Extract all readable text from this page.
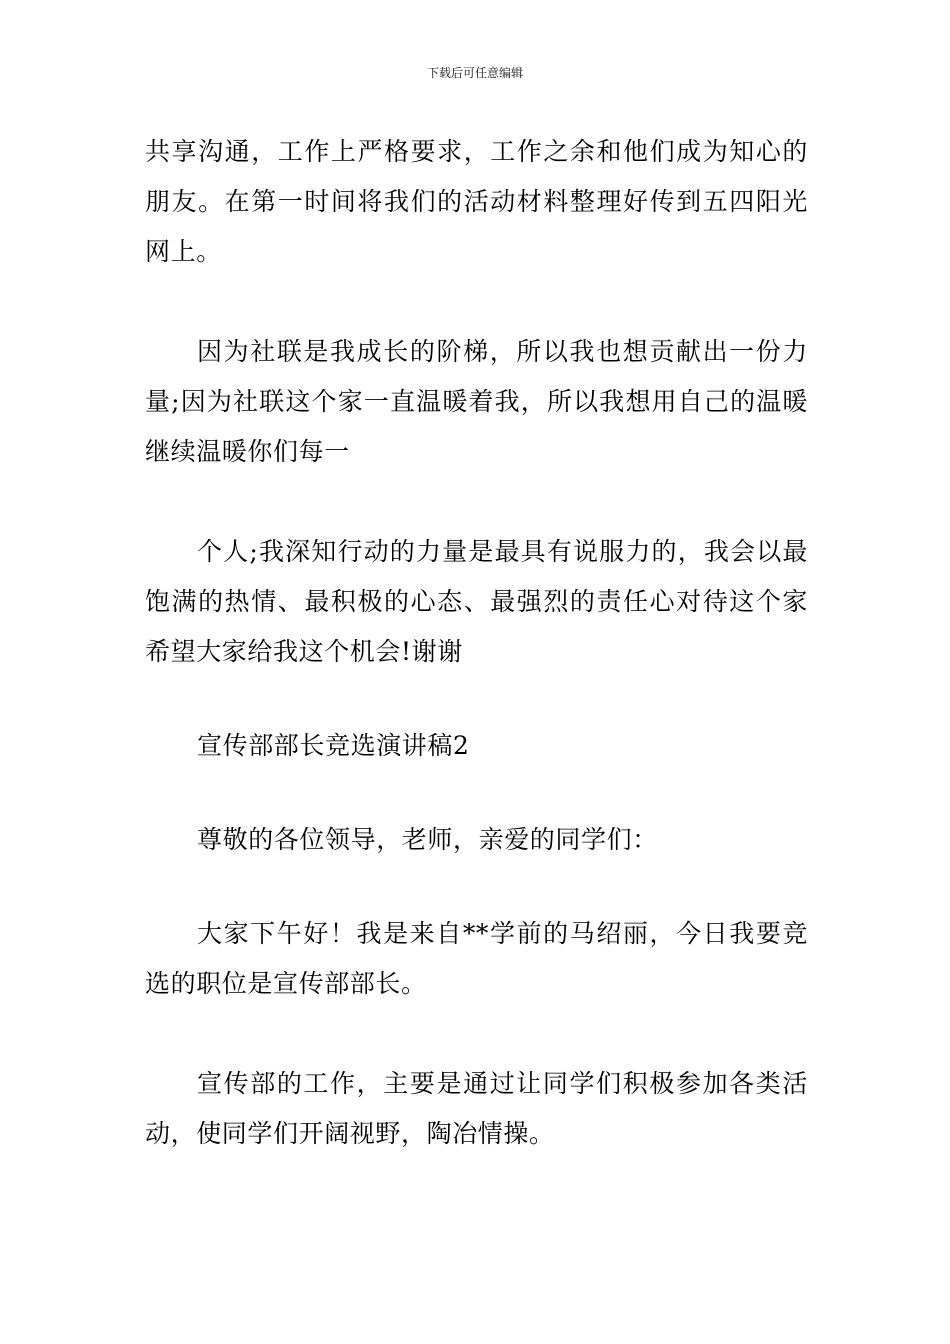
下载后可任意编辑

共享沟通，工作上严格要求，工作之余和他们成为知心的朋友。在第一时间将我们的活动材料整理好传到五四阳光网上。

因为社联是我成长的阶梯，所以我也想贡献出一份力量;因为社联这个家一直温暖着我，所以我想用自己的温暖继续温暖你们每一

个人;我深知行动的力量是最具有说服力的，我会以最饱满的热情、最积极的心态、最强烈的责任心对待这个家希望大家给我这个机会!谢谢

宣传部部长竞选演讲稿2

尊敬的各位领导，老师，亲爱的同学们：

大家下午好！我是来自**学前的马绍丽，今日我要竞选的职位是宣传部部长。

宣传部的工作，主要是通过让同学们积极参加各类活动，使同学们开阔视野，陶冶情操。
